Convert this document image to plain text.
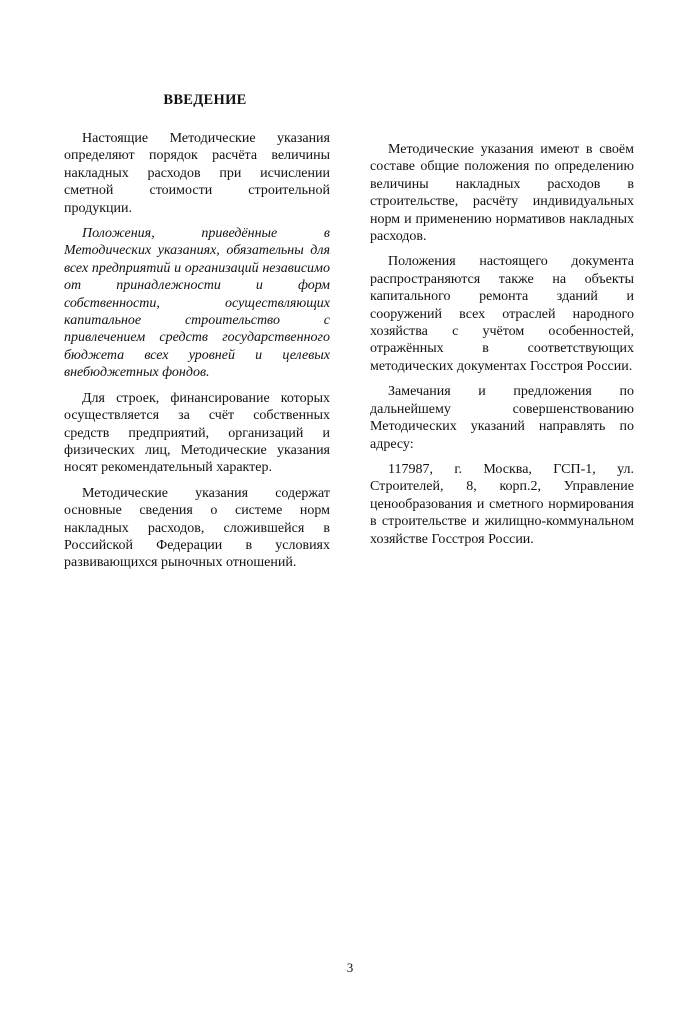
ВВЕДЕНИЕ

Настоящие Методические указания определяют порядок расчёта величины накладных расходов при исчислении сметной стоимости строительной продукции.

Положения, приведённые в Методических указаниях, обязательны для всех предприятий и организаций независимо от принадлежности и форм собственности, осуществляющих капитальное строительство с привлечением средств государственного бюджета всех уровней и целевых внебюджетных фондов.

Для строек, финансирование которых осуществляется за счёт собственных средств предприятий, организаций и физических лиц, Методические указания носят рекомендательный характер.

Методические указания содержат основные сведения о системе норм накладных расходов, сложившейся в Российской Федерации в условиях развивающихся рыночных отношений.

Методические указания имеют в своём составе общие положения по определению величины накладных расходов в строительстве, расчёту индивидуальных норм и применению нормативов накладных расходов.

Положения настоящего документа распространяются также на объекты капитального ремонта зданий и сооружений всех отраслей народного хозяйства с учётом особенностей, отражённых в соответствующих методических документах Госстроя России.

Замечания и предложения по дальнейшему совершенствованию Методических указаний направлять по адресу:

117987, г. Москва, ГСП-1, ул. Строителей, 8, корп.2, Управление ценообразования и сметного нормирования в строительстве и жилищно-коммунальном хозяйстве Госстроя России.

3
